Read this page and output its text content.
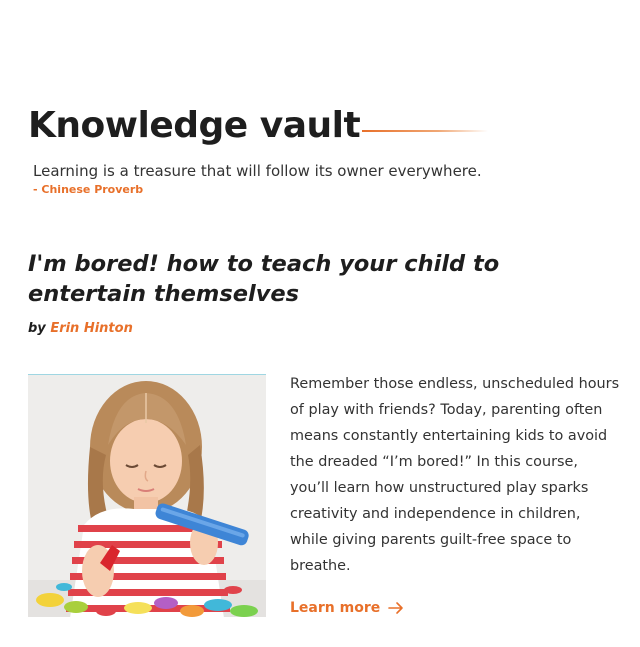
Knowledge vault

Learning is a treasure that will follow its owner everywhere.

- Chinese Proverb

I'm bored! how to teach your child to entertain themselves
by Erin Hinton

Remember those endless, unscheduled hours of play with friends? Today, parenting often means constantly entertaining kids to avoid the dreaded “I’m bored!” In this course, you’ll learn how unstructured play sparks creativity and independence in children, while giving parents guilt-free space to breathe.

Learn more
